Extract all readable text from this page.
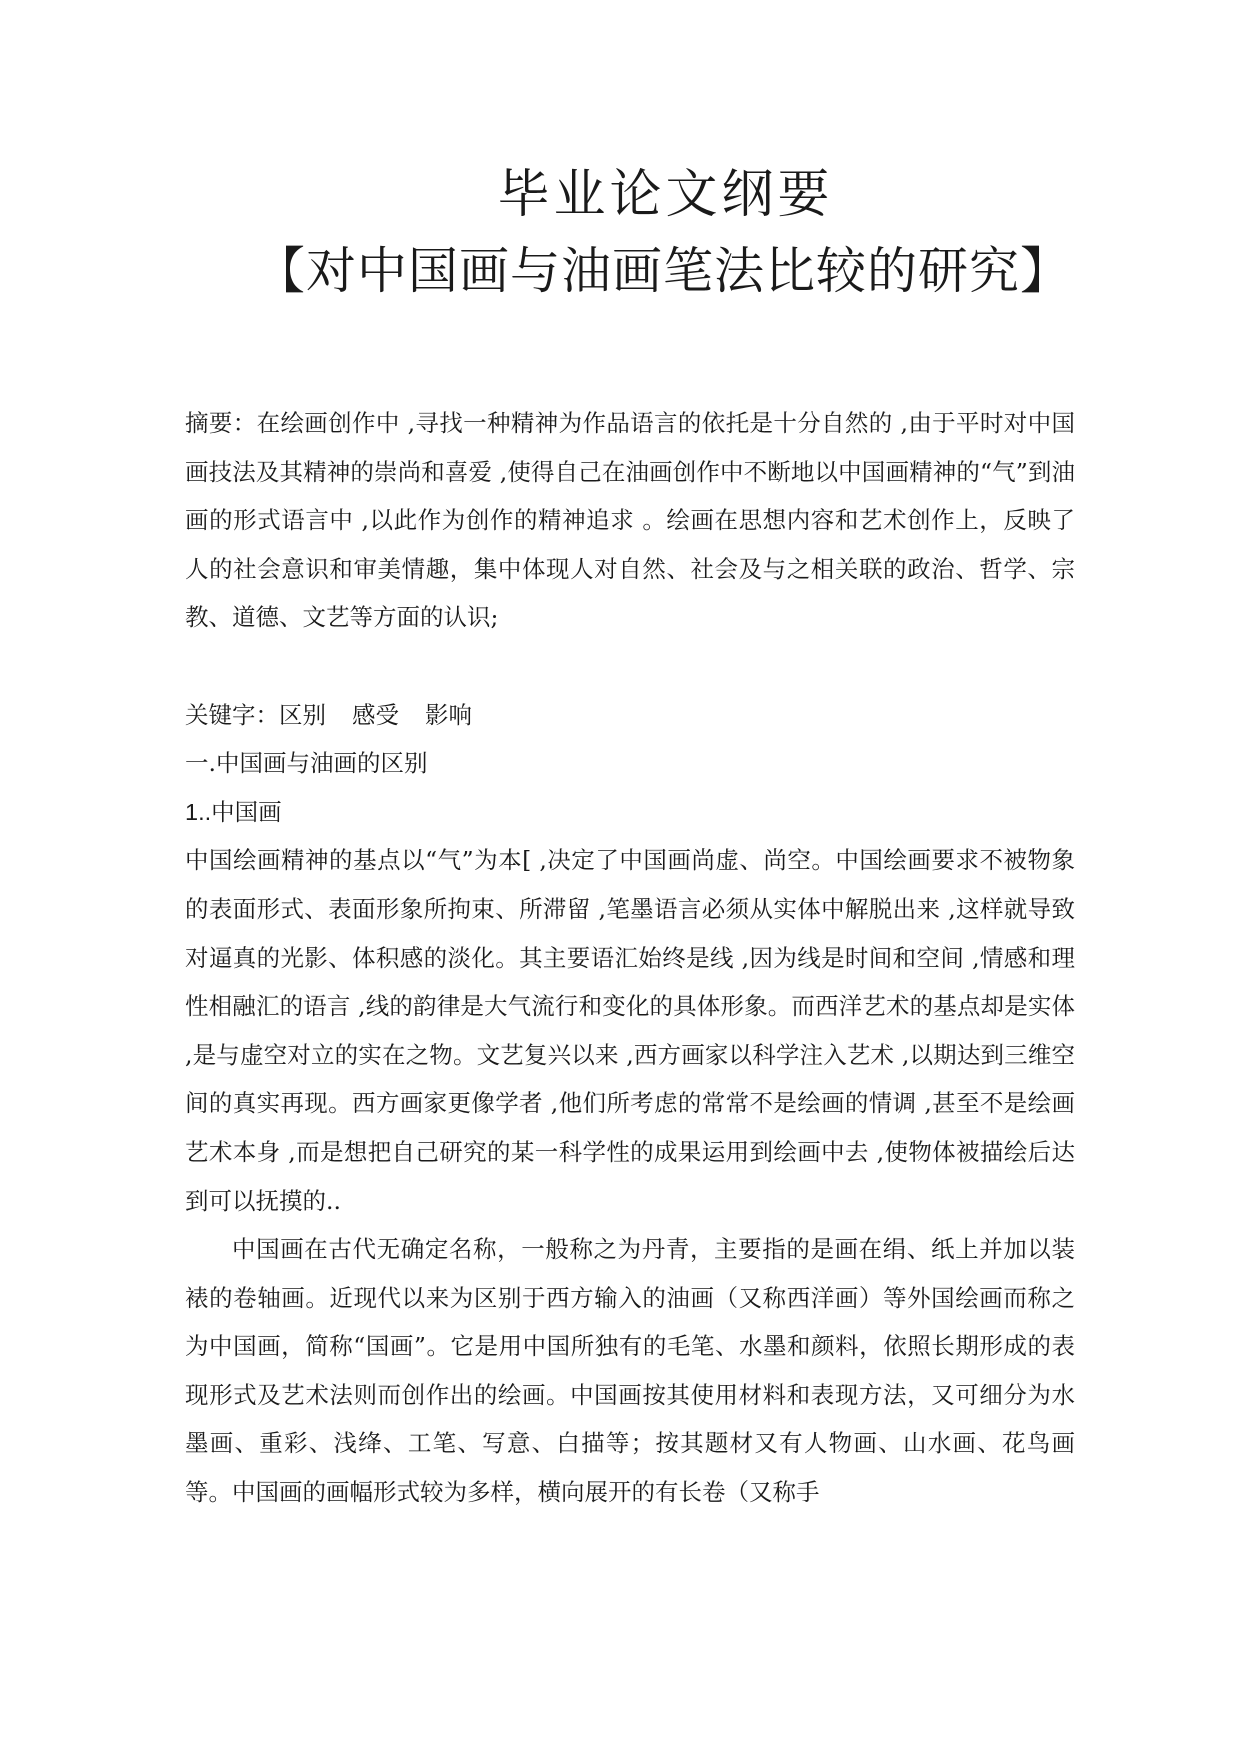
毕业论文纲要
【对中国画与油画笔法比较的研究】

摘要：在绘画创作中 ,寻找一种精神为作品语言的依托是十分自然的 ,由于平时对中国画技法及其精神的崇尚和喜爱 ,使得自己在油画创作中不断地以中国画精神的“气”到油画的形式语言中 ,以此作为创作的精神追求 。绘画在思想内容和艺术创作上，反映了人的社会意识和审美情趣，集中体现人对自然、社会及与之相关联的政治、哲学、宗教、道德、文艺等方面的认识;

关键字：区别 感受 影响

一.中国画与油画的区别

1..中国画

中国绘画精神的基点以“气”为本[ ,决定了中国画尚虚、尚空。中国绘画要求不被物象的表面形式、表面形象所拘束、所滞留 ,笔墨语言必须从实体中解脱出来 ,这样就导致对逼真的光影、体积感的淡化。其主要语汇始终是线 ,因为线是时间和空间 ,情感和理性相融汇的语言 ,线的韵律是大气流行和变化的具体形象。而西洋艺术的基点却是实体 ,是与虚空对立的实在之物。文艺复兴以来 ,西方画家以科学注入艺术 ,以期达到三维空间的真实再现。西方画家更像学者 ,他们所考虑的常常不是绘画的情调 ,甚至不是绘画艺术本身 ,而是想把自己研究的某一科学性的成果运用到绘画中去 ,使物体被描绘后达到可以抚摸的..

中国画在古代无确定名称，一般称之为丹青，主要指的是画在绢、纸上并加以装裱的卷轴画。近现代以来为区别于西方输入的油画（又称西洋画）等外国绘画而称之为中国画，简称“国画”。它是用中国所独有的毛笔、水墨和颜料，依照长期形成的表现形式及艺术法则而创作出的绘画。中国画按其使用材料和表现方法，又可细分为水墨画、重彩、浅绛、工笔、写意、白描等；按其题材又有人物画、山水画、花鸟画等。中国画的画幅形式较为多样，横向展开的有长卷（又称手
